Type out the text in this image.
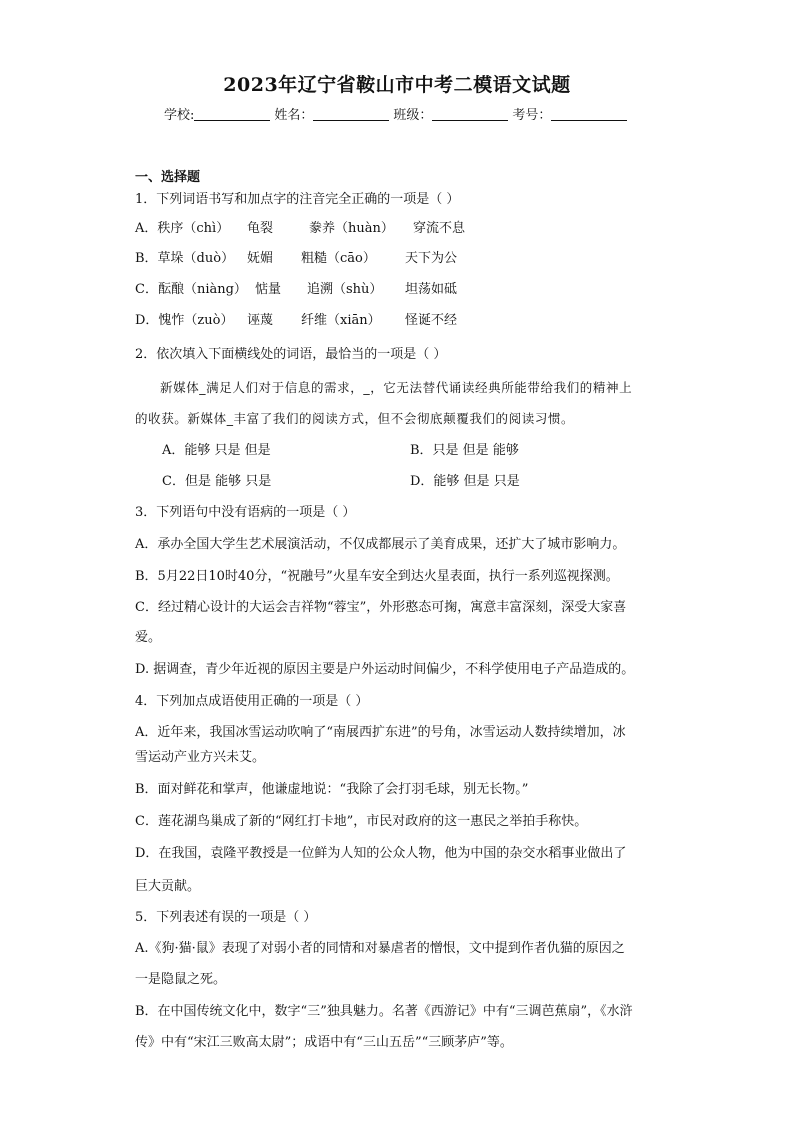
2023年辽宁省鞍山市中考二模语文试题
学校:	姓名：	班级：	考号：
一、选择题
1．下列词语书写和加点字的注音完全正确的一项是（ ）
A．秩序（chì） 龟裂	豢养（huàn） 穿流不息
B．草垛（duò） 妩媚 粗糙（cāo） 天下为公
C．酝酿（niàng） 惦量 追溯（shù） 坦荡如砥
D．愧怍（zuò） 诬蔑 纤维（xiān） 怪诞不经
2．依次填入下面横线处的词语，最恰当的一项是（ ）
新媒体_满足人们对于信息的需求，_，它无法替代诵读经典所能带给我们的精神上
的收获。新媒体_丰富了我们的阅读方式，但不会彻底颠覆我们的阅读习惯。
A．能够 只是 但是	B．只是 但是 能够
C．但是 能够 只是	D．能够 但是 只是
3．下列语句中没有语病的一项是（ ）
A．承办全国大学生艺术展演活动，不仅成都展示了美育成果，还扩大了城市影响力。
B．5月22日10时40分，“祝融号”火星车安全到达火星表面，执行一系列巡视探测。
C．经过精心设计的大运会吉祥物“蓉宝”，外形憨态可掬，寓意丰富深刻，深受大家喜
爱。
D. 据调查，青少年近视的原因主要是户外运动时间偏少，不科学使用电子产品造成的。
4．下列加点成语使用正确的一项是（ ）
A．近年来，我国冰雪运动吹响了“南展西扩东进”的号角，冰雪运动人数持续增加，冰
雪运动产业方兴未艾。
B．面对鲜花和掌声，他谦虚地说：“我除了会打羽毛球，别无长物。”
C．莲花湖鸟巢成了新的“网红打卡地”，市民对政府的这一惠民之举拍手称快。
D．在我国，袁隆平教授是一位鲜为人知的公众人物，他为中国的杂交水稻事业做出了
巨大贡献。
5．下列表述有误的一项是（ ）
A.《狗·猫·鼠》表现了对弱小者的同情和对暴虐者的憎恨，文中提到作者仇猫的原因之
一是隐鼠之死。
B．在中国传统文化中，数字“三”独具魅力。名著《西游记》中有“三调芭蕉扇”，《水浒
传》中有“宋江三败高太尉”；成语中有“三山五岳”“三顾茅庐”等。
